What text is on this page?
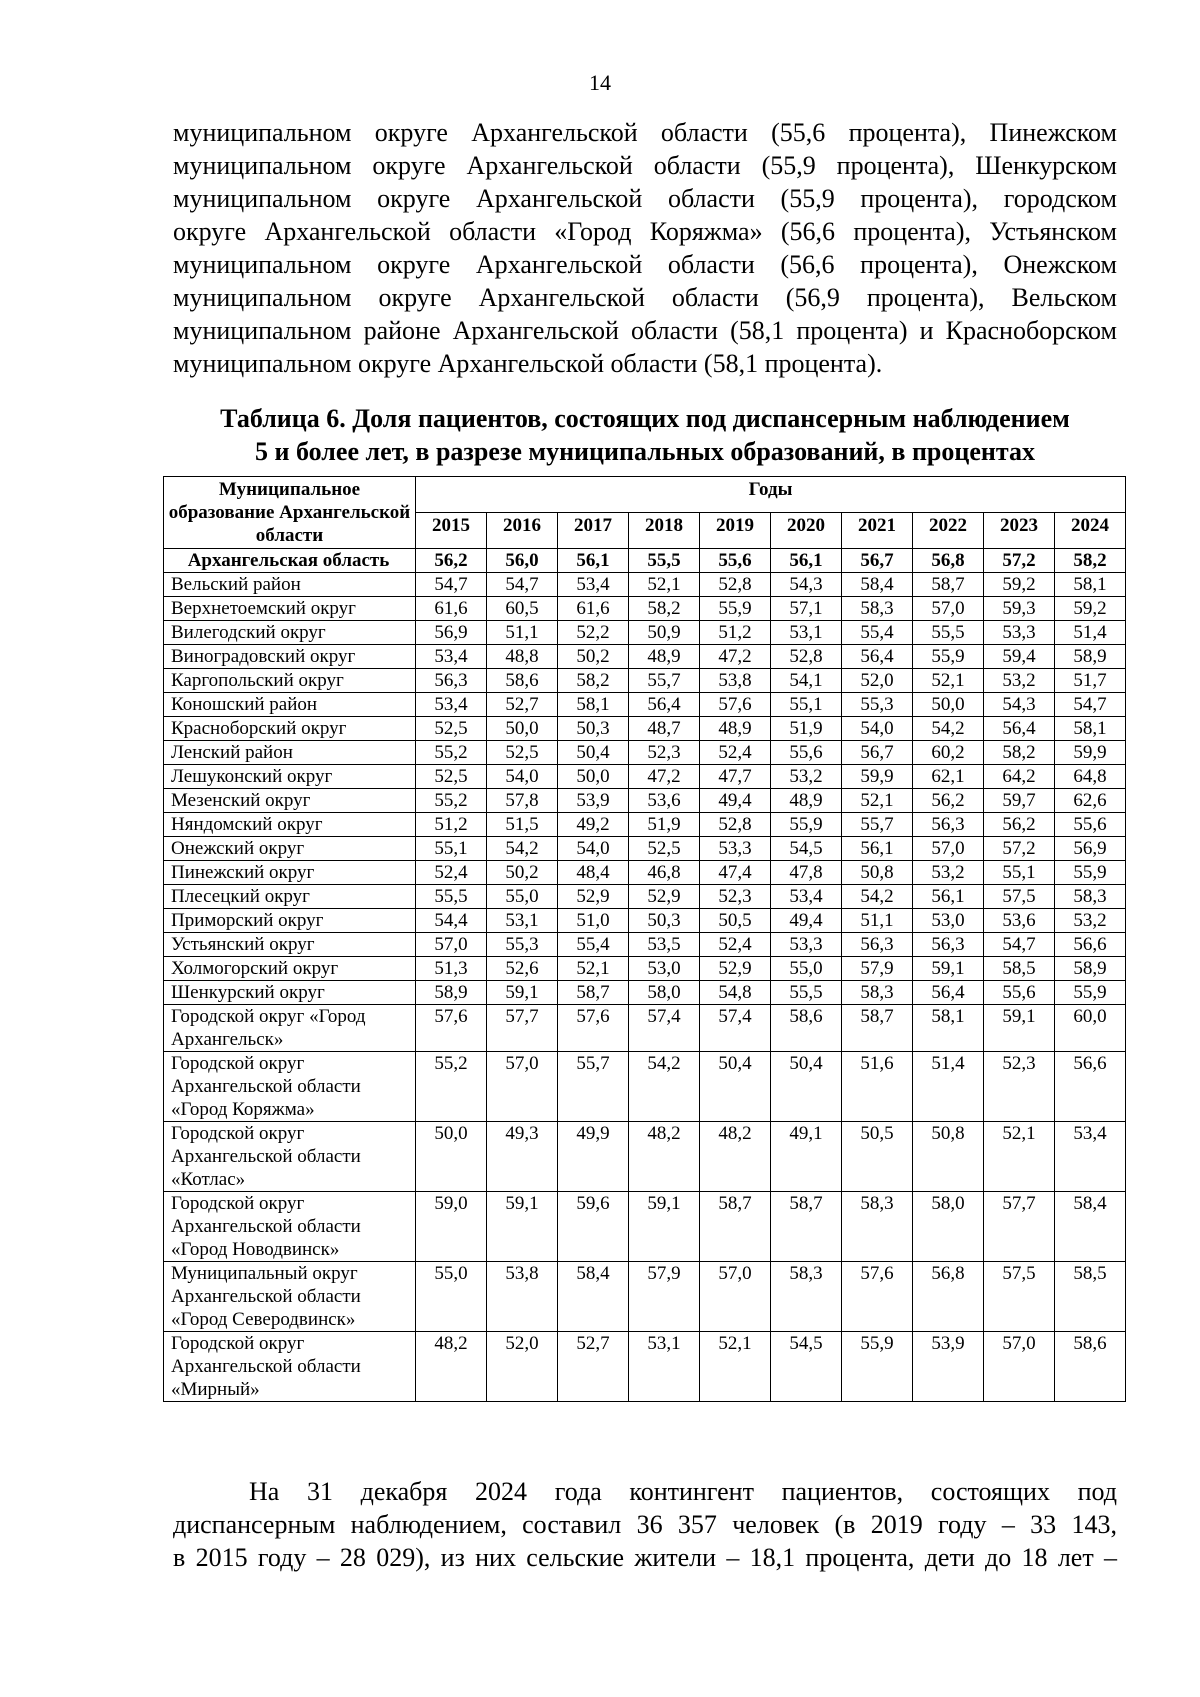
14
муниципальном округе Архангельской области (55,6 процента), Пинежском
муниципальном округе Архангельской области (55,9 процента), Шенкурском
муниципальном округе Архангельской области (55,9 процента), городском
округе Архангельской области «Город Коряжма» (56,6 процента), Устьянском
муниципальном округе Архангельской области (56,6 процента), Онежском
муниципальном округе Архангельской области (56,9 процента), Вельском
муниципальном районе Архангельской области (58,1 процента) и Красноборском
муниципальном округе Архангельской области (58,1 процента).
Таблица 6. Доля пациентов, состоящих под диспансерным наблюдением
5 и более лет, в разрезе муниципальных образований, в процентах
Муниципальное образование Архангельской области	Годы									
	2015	2016	2017	2018	2019	2020	2021	2022	2023	2024
Архангельская область	56,2	56,0	56,1	55,5	55,6	56,1	56,7	56,8	57,2	58,2
Вельский район	54,7	54,7	53,4	52,1	52,8	54,3	58,4	58,7	59,2	58,1
Верхнетоемский округ	61,6	60,5	61,6	58,2	55,9	57,1	58,3	57,0	59,3	59,2
Вилегодский округ	56,9	51,1	52,2	50,9	51,2	53,1	55,4	55,5	53,3	51,4
Виноградовский округ	53,4	48,8	50,2	48,9	47,2	52,8	56,4	55,9	59,4	58,9
Каргопольский округ	56,3	58,6	58,2	55,7	53,8	54,1	52,0	52,1	53,2	51,7
Коношский район	53,4	52,7	58,1	56,4	57,6	55,1	55,3	50,0	54,3	54,7
Красноборский округ	52,5	50,0	50,3	48,7	48,9	51,9	54,0	54,2	56,4	58,1
Ленский район	55,2	52,5	50,4	52,3	52,4	55,6	56,7	60,2	58,2	59,9
Лешуконский округ	52,5	54,0	50,0	47,2	47,7	53,2	59,9	62,1	64,2	64,8
Мезенский округ	55,2	57,8	53,9	53,6	49,4	48,9	52,1	56,2	59,7	62,6
Няндомский округ	51,2	51,5	49,2	51,9	52,8	55,9	55,7	56,3	56,2	55,6
Онежский округ	55,1	54,2	54,0	52,5	53,3	54,5	56,1	57,0	57,2	56,9
Пинежский округ	52,4	50,2	48,4	46,8	47,4	47,8	50,8	53,2	55,1	55,9
Плесецкий округ	55,5	55,0	52,9	52,9	52,3	53,4	54,2	56,1	57,5	58,3
Приморский округ	54,4	53,1	51,0	50,3	50,5	49,4	51,1	53,0	53,6	53,2
Устьянский округ	57,0	55,3	55,4	53,5	52,4	53,3	56,3	56,3	54,7	56,6
Холмогорский округ	51,3	52,6	52,1	53,0	52,9	55,0	57,9	59,1	58,5	58,9
Шенкурский округ	58,9	59,1	58,7	58,0	54,8	55,5	58,3	56,4	55,6	55,9
Городской округ «Город Архангельск»	57,6	57,7	57,6	57,4	57,4	58,6	58,7	58,1	59,1	60,0
Городской округ Архангельской области «Город Коряжма»	55,2	57,0	55,7	54,2	50,4	50,4	51,6	51,4	52,3	56,6
Городской округ Архангельской области «Котлас»	50,0	49,3	49,9	48,2	48,2	49,1	50,5	50,8	52,1	53,4
Городской округ Архангельской области «Город Новодвинск»	59,0	59,1	59,6	59,1	58,7	58,7	58,3	58,0	57,7	58,4
Муниципальный округ Архангельской области «Город Северодвинск»	55,0	53,8	58,4	57,9	57,0	58,3	57,6	56,8	57,5	58,5
Городской округ Архангельской области «Мирный»	48,2	52,0	52,7	53,1	52,1	54,5	55,9	53,9	57,0	58,6
На 31 декабря 2024 года контингент пациентов, состоящих под
диспансерным наблюдением, составил 36 357 человек (в 2019 году – 33 143,
в 2015 году – 28 029), из них сельские жители – 18,1 процента, дети до 18 лет –
